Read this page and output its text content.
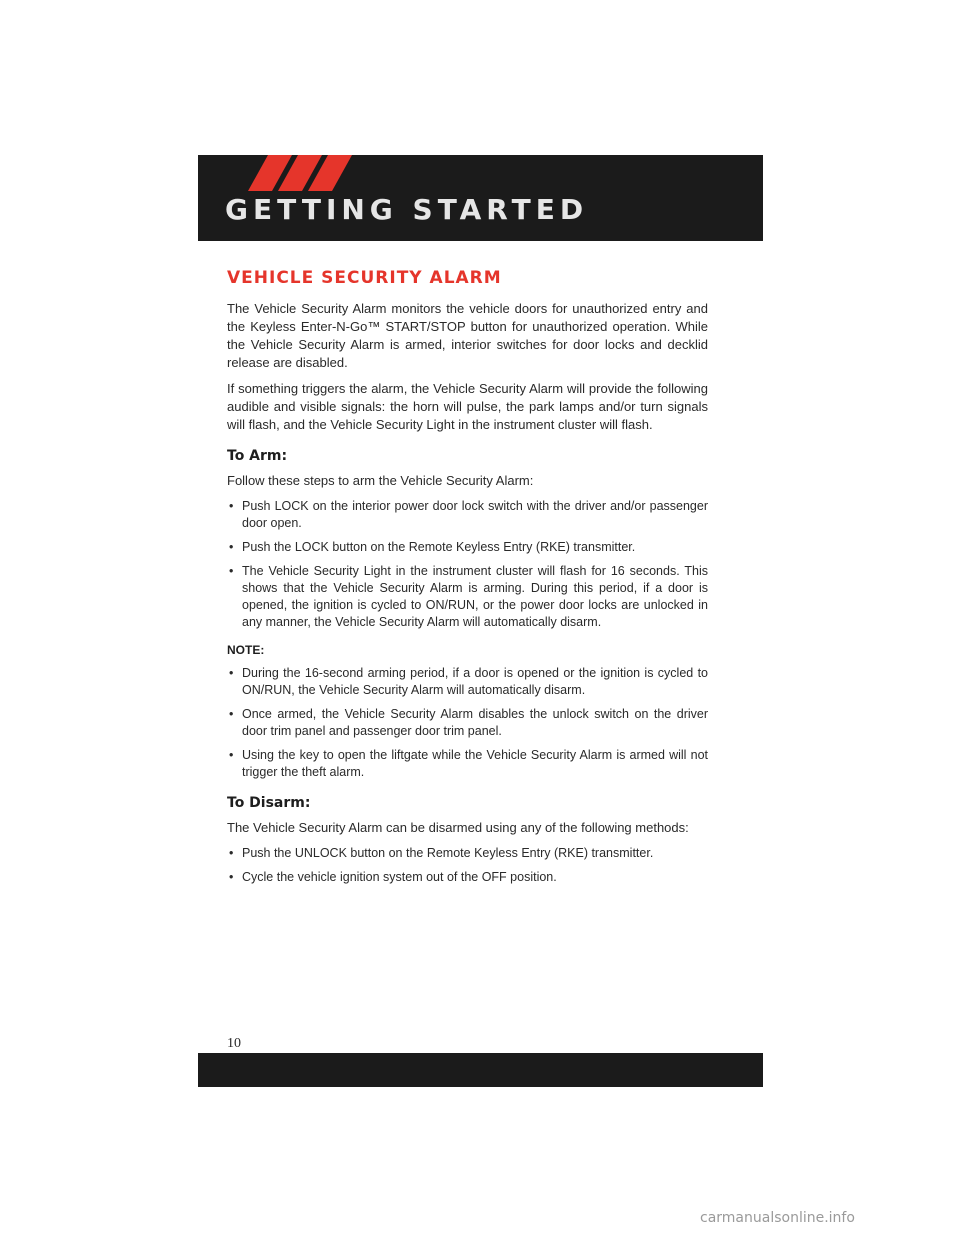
GETTING STARTED
VEHICLE SECURITY ALARM

The Vehicle Security Alarm monitors the vehicle doors for unauthorized entry and the Keyless Enter-N-Go™ START/STOP button for unauthorized operation. While the Vehicle Security Alarm is armed, interior switches for door locks and decklid release are disabled.

If something triggers the alarm, the Vehicle Security Alarm will provide the following audible and visible signals: the horn will pulse, the park lamps and/or turn signals will flash, and the Vehicle Security Light in the instrument cluster will flash.

To Arm:

Follow these steps to arm the Vehicle Security Alarm:

• Push LOCK on the interior power door lock switch with the driver and/or passenger door open.
• Push the LOCK button on the Remote Keyless Entry (RKE) transmitter.
• The Vehicle Security Light in the instrument cluster will flash for 16 seconds. This shows that the Vehicle Security Alarm is arming. During this period, if a door is opened, the ignition is cycled to ON/RUN, or the power door locks are unlocked in any manner, the Vehicle Security Alarm will automatically disarm.
NOTE:
• During the 16-second arming period, if a door is opened or the ignition is cycled to ON/RUN, the Vehicle Security Alarm will automatically disarm.
• Once armed, the Vehicle Security Alarm disables the unlock switch on the driver door trim panel and passenger door trim panel.
• Using the key to open the liftgate while the Vehicle Security Alarm is armed will not trigger the theft alarm.
To Disarm:

The Vehicle Security Alarm can be disarmed using any of the following methods:

• Push the UNLOCK button on the Remote Keyless Entry (RKE) transmitter.
• Cycle the vehicle ignition system out of the OFF position.
10
carmanualsonline.info
